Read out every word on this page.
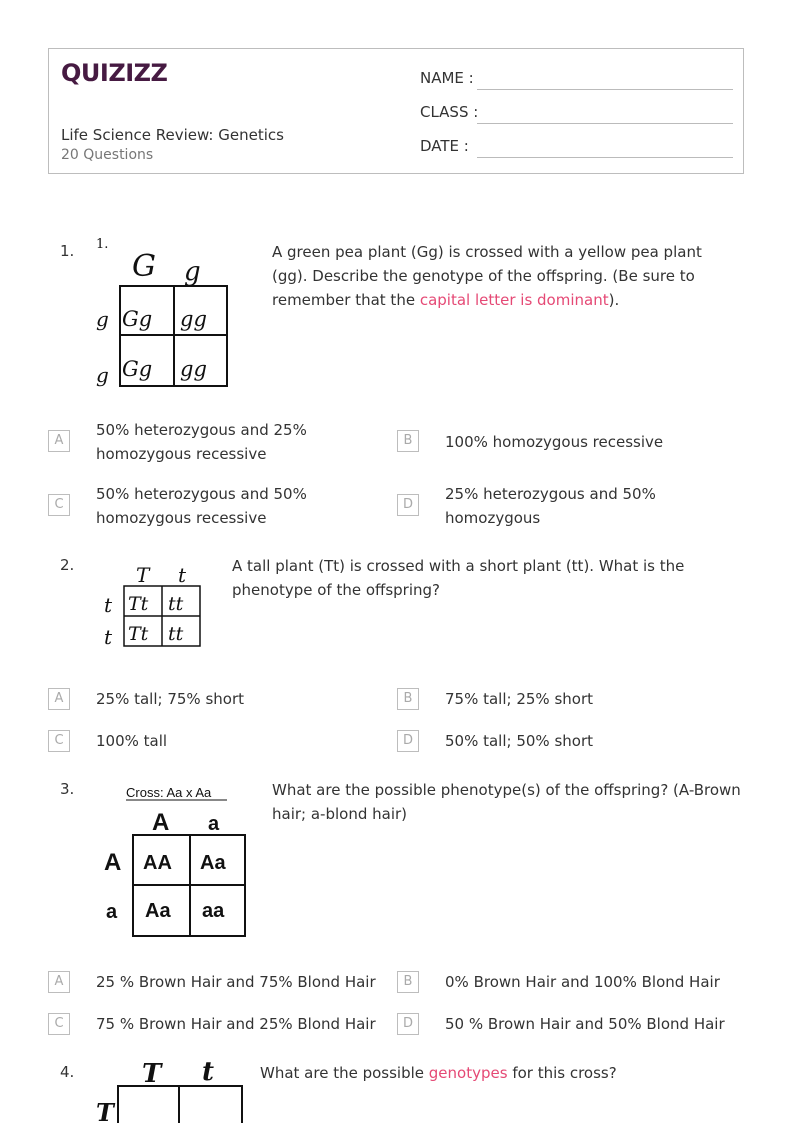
QUIZIZZ
Life Science Review: Genetics
20 Questions
NAME :
CLASS :
DATE :
1. 1.
G g
g
g
Gg gg
Gg gg
A green pea plant (Gg) is crossed with a yellow pea plant (gg). Describe the genotype of the offspring. (Be sure to remember that the capital letter is dominant).
A
50% heterozygous and 25% homozygous recessive
B	100% homozygous recessive
C
50% heterozygous and 50% homozygous recessive
D
25% heterozygous and 50% homozygous
2.	T t
t
t
Tt tt
Tt tt
A tall plant (Tt) is crossed with a short plant (tt). What is the phenotype of the offspring?
A	25% tall; 75% short	B	75% tall; 25% short
C	100% tall	D	50% tall; 50% short
3.	Cross: Aa x Aa
A a
A
a
AA Aa
Aa aa
What are the possible phenotype(s) of the offspring? (A-Brown hair; a-blond hair)
A	25 % Brown Hair and 75% Blond Hair	B	0% Brown Hair and 100% Blond Hair
C	75 % Brown Hair and 25% Blond Hair	D	50 % Brown Hair and 50% Blond Hair
4.	T t
T
What are the possible genotypes for this cross?
